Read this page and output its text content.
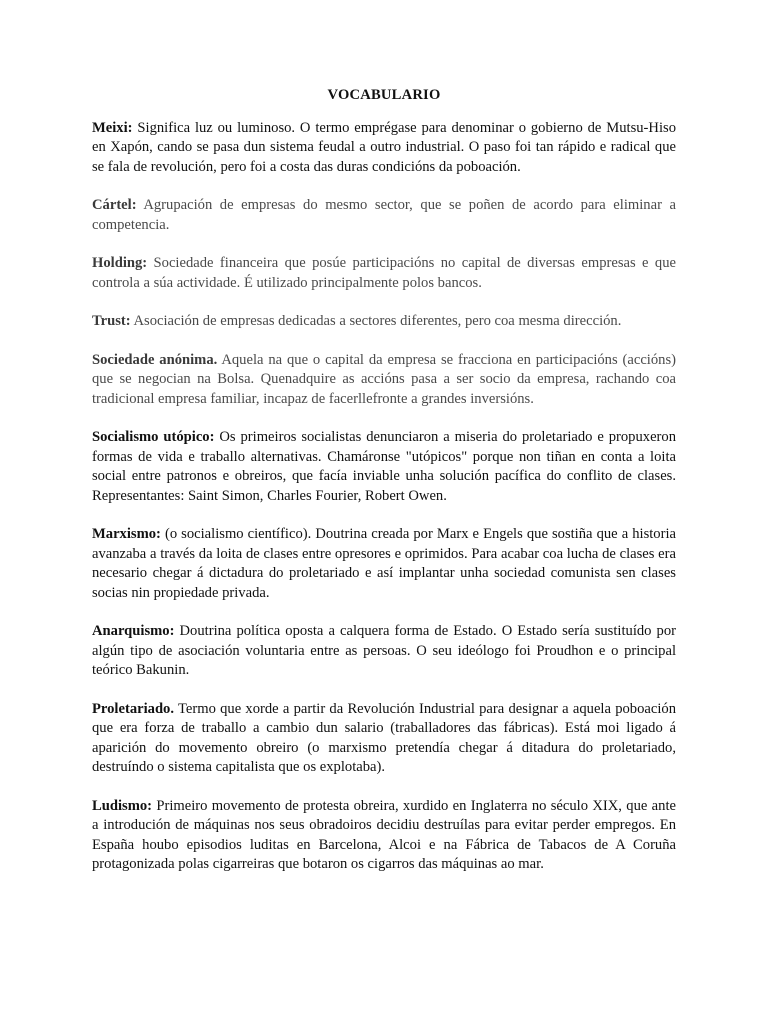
VOCABULARIO

Meixi: Significa luz ou luminoso. O termo emprégase para denominar o gobierno de Mutsu-Hiso en Xapón, cando se pasa dun sistema feudal a outro industrial. O paso foi tan rápido e radical que se fala de revolución, pero foi a costa das duras condicións da poboación.

Cártel: Agrupación de empresas do mesmo sector, que se poñen de acordo para eliminar a competencia.

Holding: Sociedade financeira que posúe participacións no capital de diversas empresas e que controla a súa actividade. É utilizado principalmente polos bancos.

Trust: Asociación de empresas dedicadas a sectores diferentes, pero coa mesma dirección.

Sociedade anónima. Aquela na que o capital da empresa se fracciona en participacións (accións) que se negocian na Bolsa. Quenadquire as accións pasa a ser socio da empresa, rachando coa tradicional empresa familiar, incapaz de facerllefronte a grandes inversións.

Socialismo utópico: Os primeiros socialistas denunciaron a miseria do proletariado e propuxeron formas de vida e traballo alternativas. Chamáronse "utópicos" porque non tiñan en conta a loita social entre patronos e obreiros, que facía inviable unha solución pacífica do conflito de clases. Representantes: Saint Simon, Charles Fourier, Robert Owen.

Marxismo: (o socialismo científico). Doutrina creada por Marx e Engels que sostiña que a historia avanzaba a través da loita de clases entre opresores e oprimidos. Para acabar coa lucha de clases era necesario chegar á dictadura do proletariado e así implantar unha sociedad comunista sen clases socias nin propiedade privada.

Anarquismo: Doutrina política oposta a calquera forma de Estado. O Estado sería sustituído por algún tipo de asociación voluntaria entre as persoas. O seu ideólogo foi Proudhon e o principal teórico Bakunin.

Proletariado. Termo que xorde a partir da Revolución Industrial para designar a aquela poboación que era forza de traballo a cambio dun salario (traballadores das fábricas). Está moi ligado á aparición do movemento obreiro (o marxismo pretendía chegar á ditadura do proletariado, destruíndo o sistema capitalista que os explotaba).

Ludismo: Primeiro movemento de protesta obreira, xurdido en Inglaterra no século XIX, que ante a introdución de máquinas nos seus obradoiros decidiu destruílas para evitar perder empregos. En España houbo episodios luditas en Barcelona, Alcoi e na Fábrica de Tabacos de A Coruña protagonizada polas cigarreiras que botaron os cigarros das máquinas ao mar.
